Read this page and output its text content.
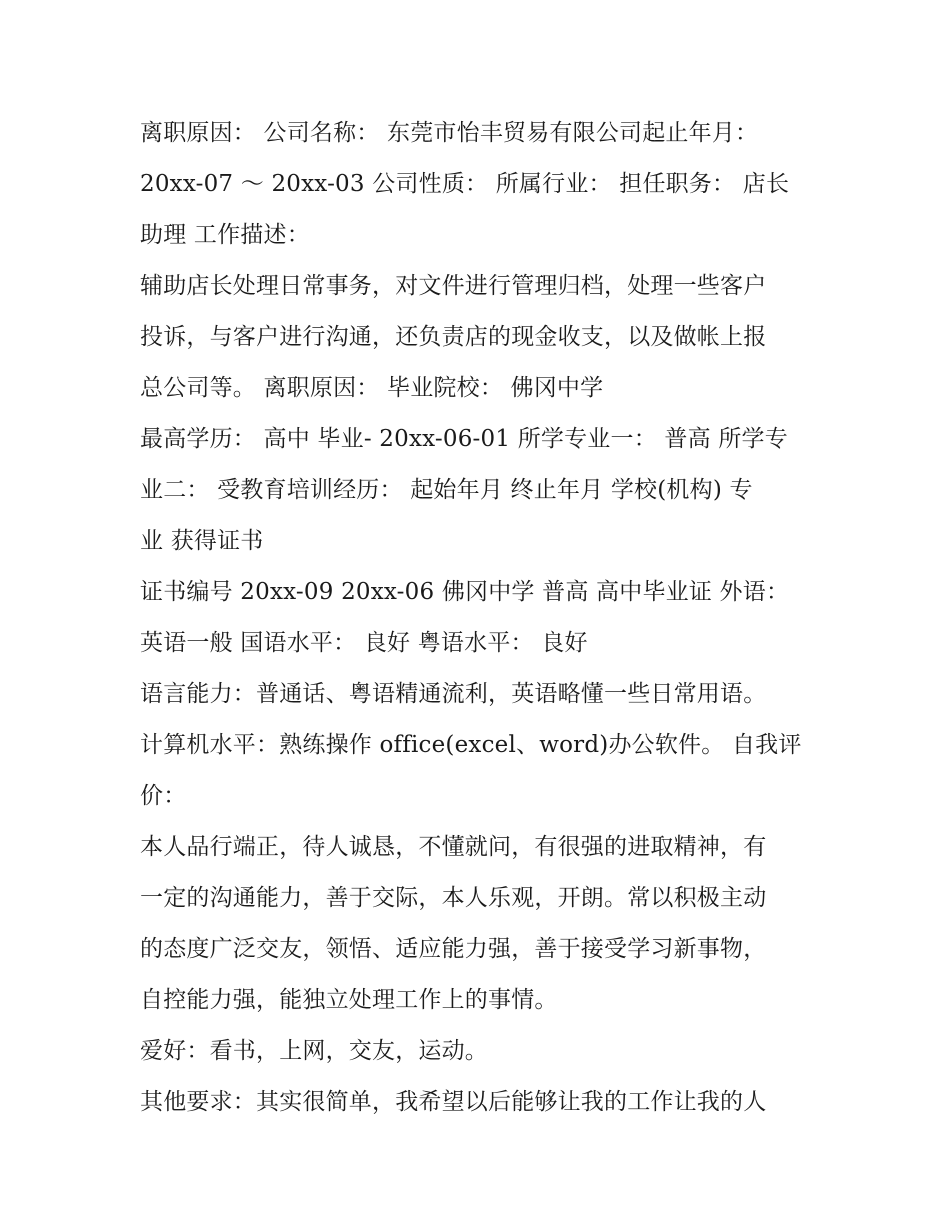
离职原因： 公司名称： 东莞市怡丰贸易有限公司起止年月：
20xx-07 ～ 20xx-03 公司性质： 所属行业： 担任职务： 店长
助理 工作描述：
辅助店长处理日常事务，对文件进行管理归档，处理一些客户
投诉，与客户进行沟通，还负责店的现金收支，以及做帐上报
总公司等。 离职原因： 毕业院校： 佛冈中学
最高学历： 高中 毕业- 20xx-06-01 所学专业一： 普高 所学专
业二： 受教育培训经历： 起始年月 终止年月 学校(机构) 专
业 获得证书
证书编号 20xx-09 20xx-06 佛冈中学 普高 高中毕业证 外语：
英语一般 国语水平： 良好 粤语水平： 良好
语言能力：普通话、粤语精通流利，英语略懂一些日常用语。
计算机水平：熟练操作 office(excel、word)办公软件。 自我评
价：
本人品行端正，待人诚恳，不懂就问，有很强的进取精神，有
一定的沟通能力，善于交际，本人乐观，开朗。常以积极主动
的态度广泛交友，领悟、适应能力强，善于接受学习新事物，
自控能力强，能独立处理工作上的事情。
爱好：看书，上网，交友，运动。
其他要求：其实很简单，我希望以后能够让我的工作让我的人
